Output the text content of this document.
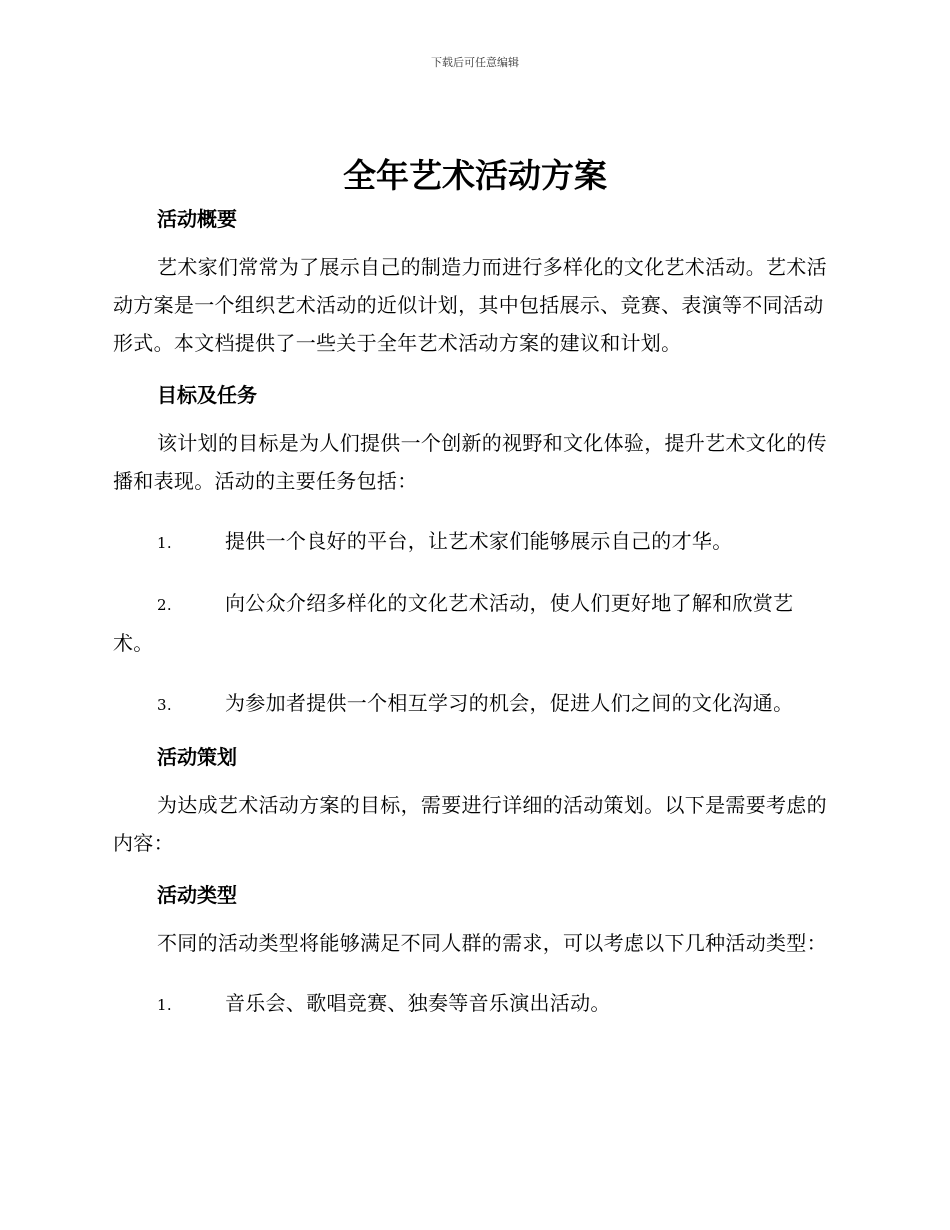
下载后可任意编辑
全年艺术活动方案
活动概要

艺术家们常常为了展示自己的制造力而进行多样化的文化艺术活动。艺术活动方案是一个组织艺术活动的近似计划，其中包括展示、竞赛、表演等不同活动形式。本文档提供了一些关于全年艺术活动方案的建议和计划。

目标及任务

该计划的目标是为人们提供一个创新的视野和文化体验，提升艺术文化的传播和表现。活动的主要任务包括：

1.	提供一个良好的平台，让艺术家们能够展示自己的才华。

2.	向公众介绍多样化的文化艺术活动，使人们更好地了解和欣赏艺术。

3.	为参加者提供一个相互学习的机会，促进人们之间的文化沟通。

活动策划

为达成艺术活动方案的目标，需要进行详细的活动策划。以下是需要考虑的内容：

活动类型

不同的活动类型将能够满足不同人群的需求，可以考虑以下几种活动类型：

1.	音乐会、歌唱竞赛、独奏等音乐演出活动。
